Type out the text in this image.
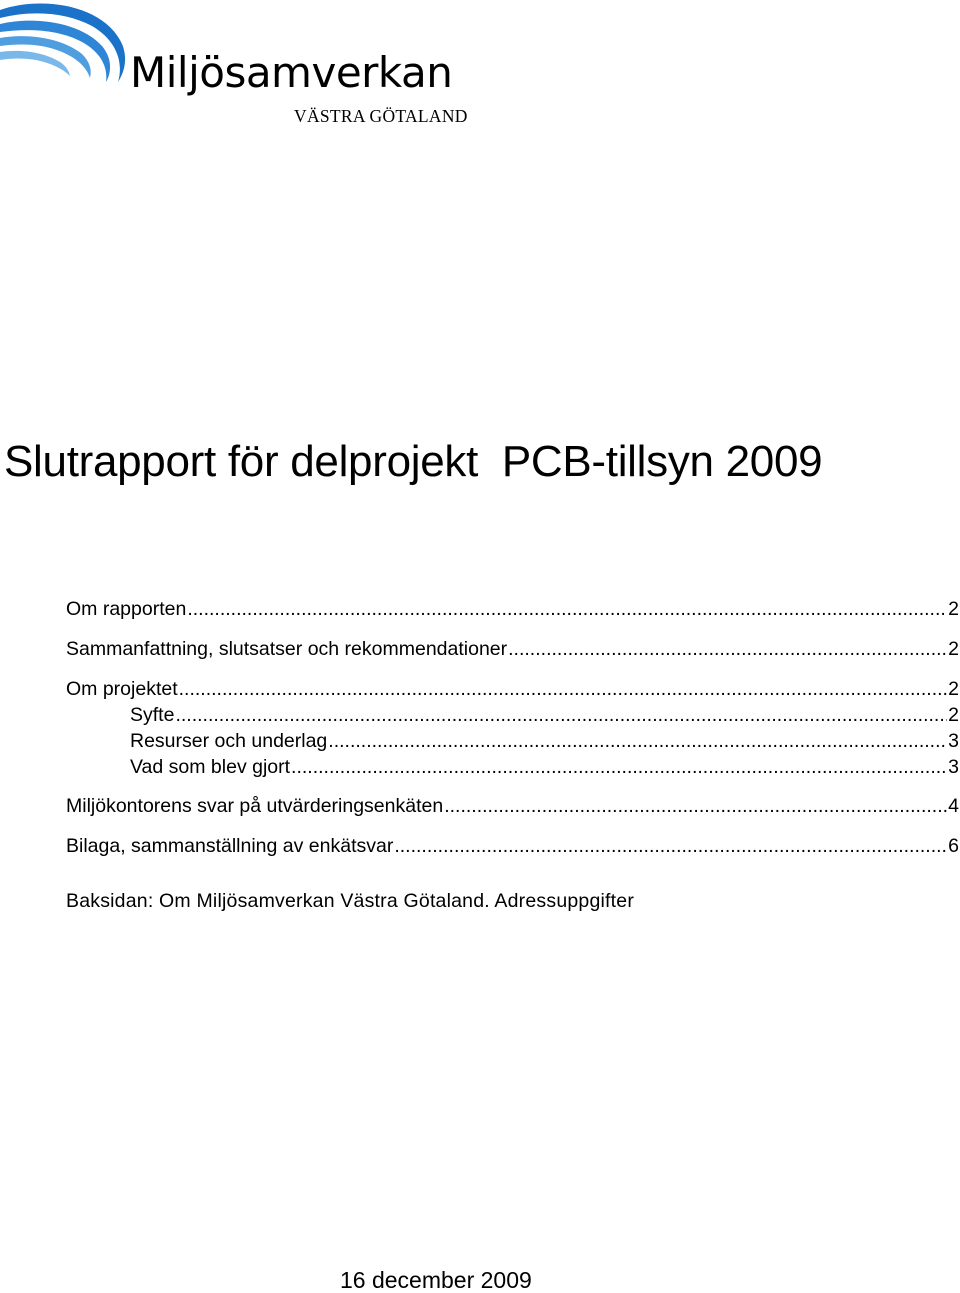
Miljösamverkan
VÄSTRA GÖTALAND
Slutrapport för delprojekt  PCB-tillsyn 2009
Om rapporten .....	2
Sammanfattning, slutsatser och rekommendationer .....	2
Om projektet .....	2
Syfte .....	2
Resurser och underlag .....	3
Vad som blev gjort .....	3
Miljökontorens svar på utvärderingsenkäten .....	4
Bilaga, sammanställning av enkätsvar .....	6
Baksidan: Om Miljösamverkan Västra Götaland. Adressuppgifter
16 december 2009
